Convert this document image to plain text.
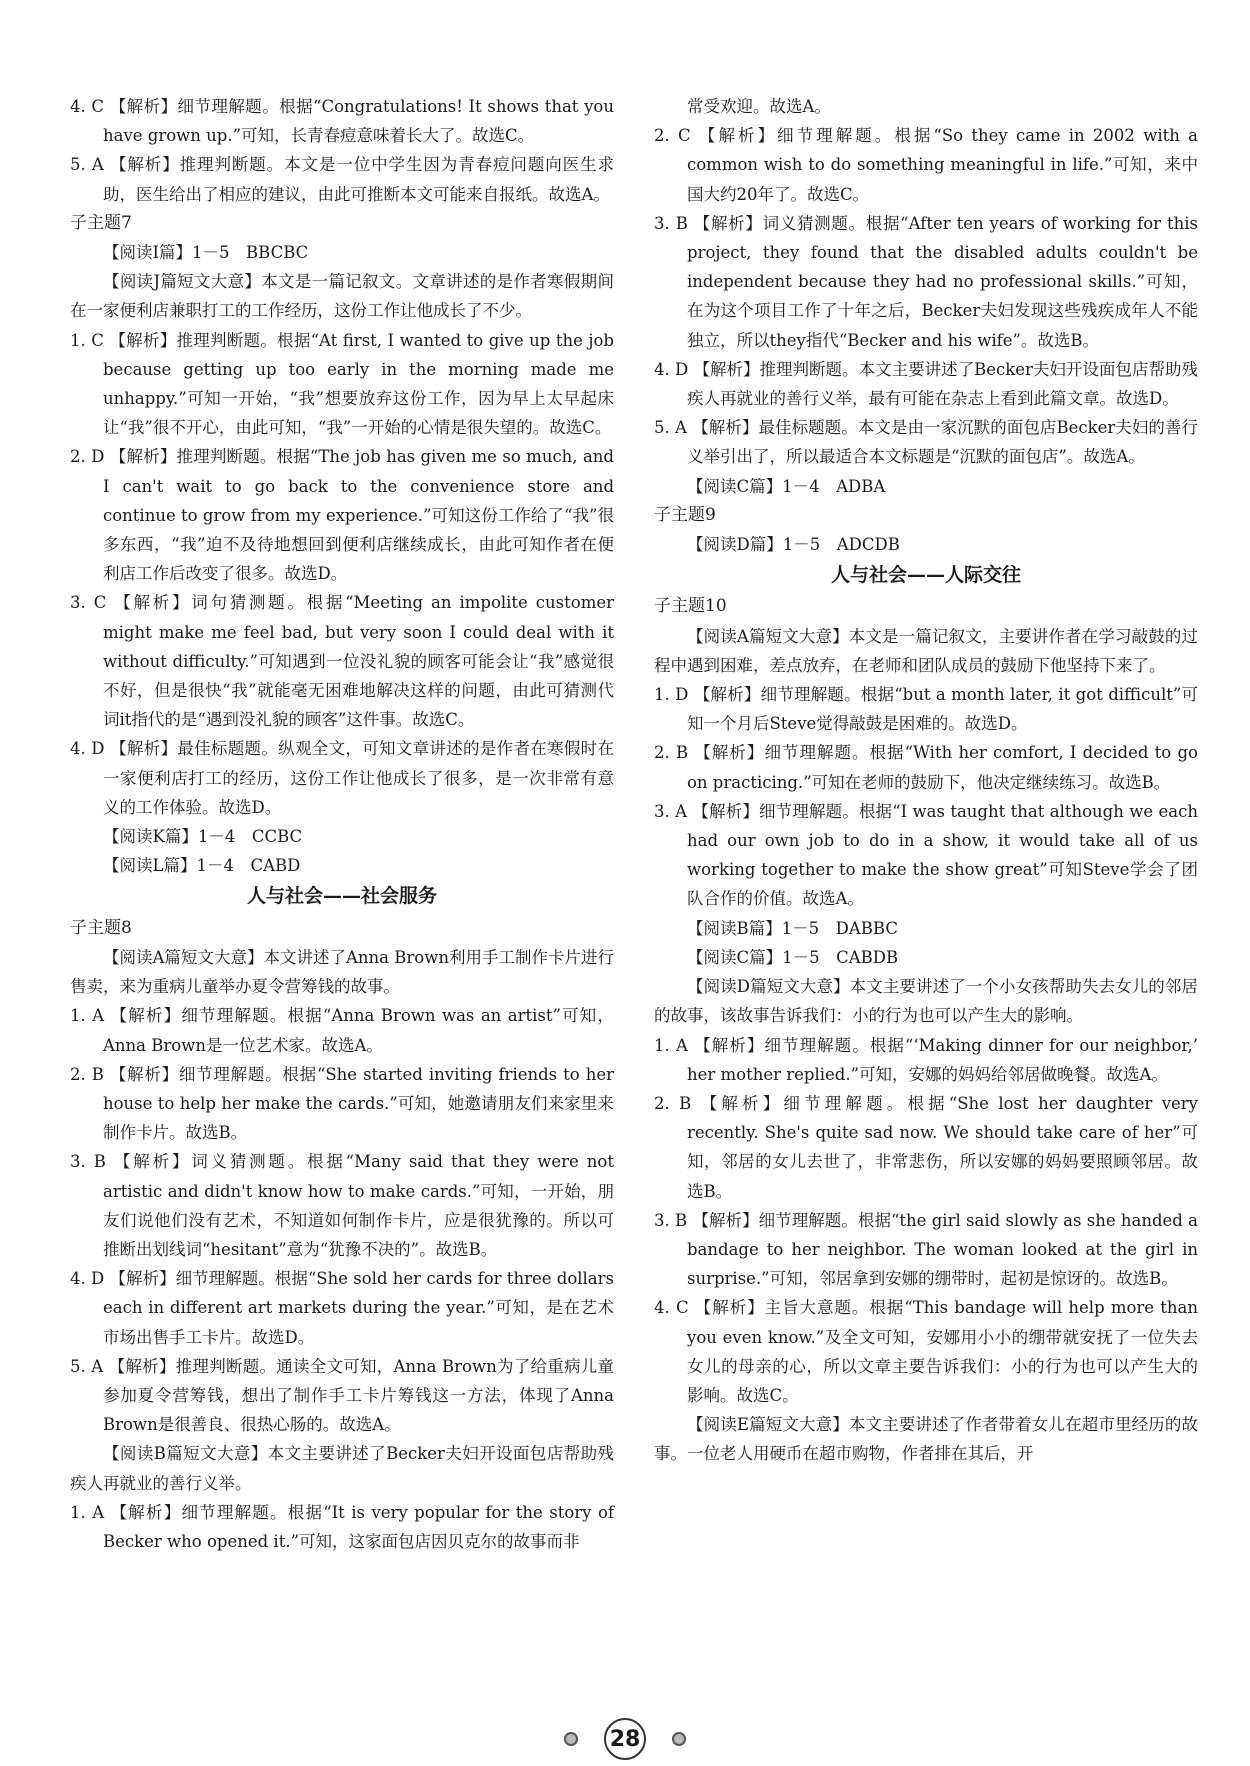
4. C 【解析】细节理解题。根据“Congratulations! It shows that you have grown up.”可知，长青春痘意味着长大了。故选C。

5. A 【解析】推理判断题。本文是一位中学生因为青春痘问题向医生求助，医生给出了相应的建议，由此可推断本文可能来自报纸。故选A。

子主题7

【阅读I篇】1－5　BBCBC

【阅读J篇短文大意】本文是一篇记叙文。文章讲述的是作者寒假期间在一家便利店兼职打工的工作经历，这份工作让他成长了不少。

1. C 【解析】推理判断题。根据“At first, I wanted to give up the job because getting up too early in the morning made me unhappy.”可知一开始，“我”想要放弃这份工作，因为早上太早起床让“我”很不开心，由此可知，“我”一开始的心情是很失望的。故选C。

2. D 【解析】推理判断题。根据“The job has given me so much, and I can't wait to go back to the convenience store and continue to grow from my experience.”可知这份工作给了“我”很多东西，“我”迫不及待地想回到便利店继续成长，由此可知作者在便利店工作后改变了很多。故选D。

3. C 【解析】词句猜测题。根据“Meeting an impolite customer might make me feel bad, but very soon I could deal with it without difficulty.”可知遇到一位没礼貌的顾客可能会让“我”感觉很不好，但是很快“我”就能毫无困难地解决这样的问题，由此可猜测代词it指代的是“遇到没礼貌的顾客”这件事。故选C。

4. D 【解析】最佳标题题。纵观全文，可知文章讲述的是作者在寒假时在一家便利店打工的经历，这份工作让他成长了很多，是一次非常有意义的工作体验。故选D。

【阅读K篇】1－4　CCBC

【阅读L篇】1－4　CABD

人与社会——社会服务

子主题8

【阅读A篇短文大意】本文讲述了Anna Brown利用手工制作卡片进行售卖，来为重病儿童举办夏令营筹钱的故事。

1. A 【解析】细节理解题。根据“Anna Brown was an artist”可知，Anna Brown是一位艺术家。故选A。

2. B 【解析】细节理解题。根据“She started inviting friends to her house to help her make the cards.”可知，她邀请朋友们来家里来制作卡片。故选B。

3. B 【解析】词义猜测题。根据“Many said that they were not artistic and didn't know how to make cards.”可知，一开始，朋友们说他们没有艺术，不知道如何制作卡片，应是很犹豫的。所以可推断出划线词“hesitant”意为“犹豫不决的”。故选B。

4. D 【解析】细节理解题。根据“She sold her cards for three dollars each in different art markets during the year.”可知，是在艺术市场出售手工卡片。故选D。

5. A 【解析】推理判断题。通读全文可知，Anna Brown为了给重病儿童参加夏令营筹钱，想出了制作手工卡片筹钱这一方法，体现了Anna Brown是很善良、很热心肠的。故选A。

【阅读B篇短文大意】本文主要讲述了Becker夫妇开设面包店帮助残疾人再就业的善行义举。

1. A 【解析】细节理解题。根据“It is very popular for the story of Becker who opened it.”可知，这家面包店因贝克尔的故事而非

　　常受欢迎。故选A。

2. C 【解析】细节理解题。根据“So they came in 2002 with a common wish to do something meaningful in life.”可知，来中国大约20年了。故选C。

3. B 【解析】词义猜测题。根据“After ten years of working for this project, they found that the disabled adults couldn't be independent because they had no professional skills.”可知，在为这个项目工作了十年之后，Becker夫妇发现这些残疾成年人不能独立，所以they指代“Becker and his wife”。故选B。

4. D 【解析】推理判断题。本文主要讲述了Becker夫妇开设面包店帮助残疾人再就业的善行义举，最有可能在杂志上看到此篇文章。故选D。

5. A 【解析】最佳标题题。本文是由一家沉默的面包店Becker夫妇的善行义举引出了，所以最适合本文标题是“沉默的面包店”。故选A。

【阅读C篇】1－4　ADBA

子主题9

【阅读D篇】1－5　ADCDB

人与社会——人际交往

子主题10

【阅读A篇短文大意】本文是一篇记叙文，主要讲作者在学习敲鼓的过程中遇到困难，差点放弃，在老师和团队成员的鼓励下他坚持下来了。

1. D 【解析】细节理解题。根据“but a month later, it got difficult”可知一个月后Steve觉得敲鼓是困难的。故选D。

2. B 【解析】细节理解题。根据“With her comfort, I decided to go on practicing.”可知在老师的鼓励下，他决定继续练习。故选B。

3. A 【解析】细节理解题。根据“I was taught that although we each had our own job to do in a show, it would take all of us working together to make the show great”可知Steve学会了团队合作的价值。故选A。

【阅读B篇】1－5　DABBC

【阅读C篇】1－5　CABDB

【阅读D篇短文大意】本文主要讲述了一个小女孩帮助失去女儿的邻居的故事，该故事告诉我们：小的行为也可以产生大的影响。

1. A 【解析】细节理解题。根据“‘Making dinner for our neighbor,’ her mother replied.”可知，安娜的妈妈给邻居做晚餐。故选A。

2. B 【解析】细节理解题。根据“She lost her daughter very recently. She's quite sad now. We should take care of her”可知，邻居的女儿去世了，非常悲伤，所以安娜的妈妈要照顾邻居。故选B。

3. B 【解析】细节理解题。根据“the girl said slowly as she handed a bandage to her neighbor. The woman looked at the girl in surprise.”可知，邻居拿到安娜的绷带时，起初是惊讶的。故选B。

4. C 【解析】主旨大意题。根据“This bandage will help more than you even know.”及全文可知，安娜用小小的绷带就安抚了一位失去女儿的母亲的心，所以文章主要告诉我们：小的行为也可以产生大的影响。故选C。

【阅读E篇短文大意】本文主要讲述了作者带着女儿在超市里经历的故事。一位老人用硬币在超市购物，作者排在其后，开

28
